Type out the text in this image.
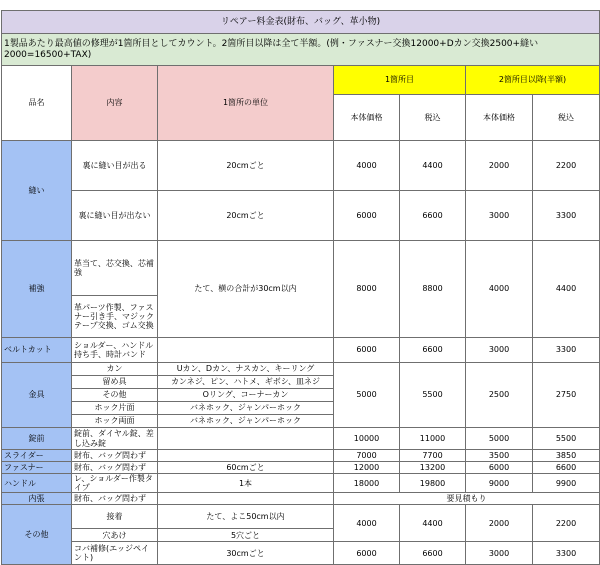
リペアー料金表(財布、バッグ、革小物)						
1製品あたり最高値の修理が1箇所目としてカウント。2箇所目以降は全て半額。(例・ファスナー交換12000+Dカン交換2500+縫い2000=16500+TAX)						
品名	内容	1箇所の単位	1箇所目		2箇所目以降(半額)	
			本体価格	税込	本体価格	税込
縫い	裏に縫い目が出る	20cmごと	4000	4400	2000	2200
	裏に縫い目が出ない	20cmごと	6000	6600	3000	3300
補強	革当て、芯交換、芯補強	たて、横の合計が30cm以内	8000	8800	4000	4400
	革パーツ作製、ファスナー引き手、マジックテープ交換、ゴム交換					
ベルトカット	ショルダー、ハンドル持ち手、時計バンド		6000	6600	3000	3300
金具	カン	Uカン、Dカン、ナスカン、キーリング	5000	5500	2500	2750
	留め具	カンネジ、ピン、ハトメ、ギボシ、皿ネジ				
	その他	Oリング、コーナーカン				
	ホック片面	バネホック、ジャンパーホック				
	ホック両面	バネホック、ジャンパーホック				
錠前	錠前、ダイヤル錠、差し込み錠		10000	11000	5000	5500
スライダー	財布、バッグ問わず		7000	7700	3500	3850
ファスナー	財布、バッグ問わず	60cmごと	12000	13200	6000	6600
ハンドル	レ、ショルダー作製タイプ	1本	18000	19800	9000	9900
内張	財布、バッグ問わず		要見積もり			
その他	接着	たて、よこ50cm以内	4000	4400	2000	2200
	穴あけ	5穴ごと				
	コバ補修(エッジペイント)	30cmごと	6000	6600	3000	3300
